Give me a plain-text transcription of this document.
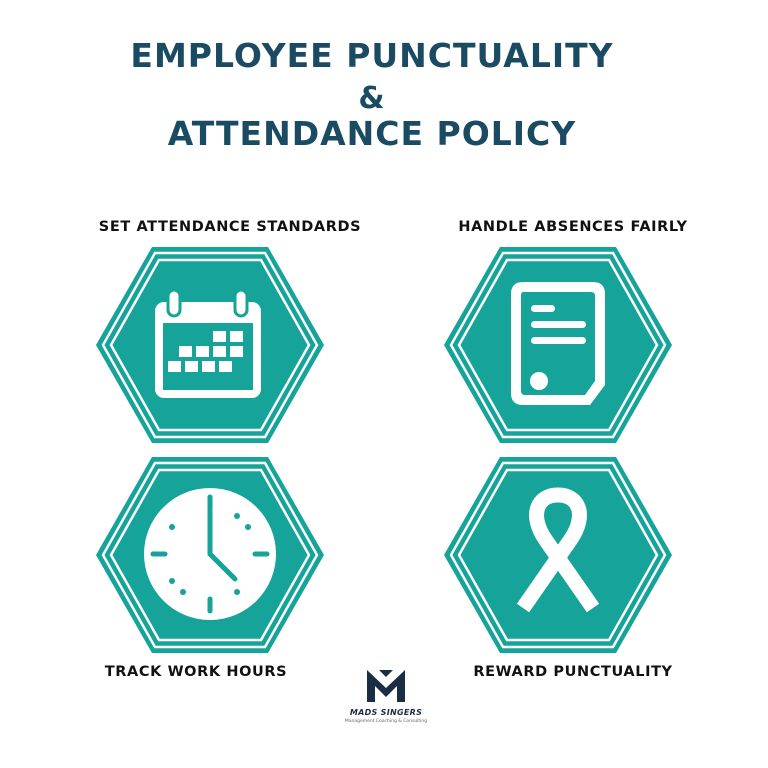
EMPLOYEE PUNCTUALITY
&
ATTENDANCE POLICY
SET ATTENDANCE STANDARDS	HANDLE ABSENCES FAIRLY
TRACK WORK HOURS	REWARD PUNCTUALITY
MADS SINGERS
Management Coaching & Consulting
